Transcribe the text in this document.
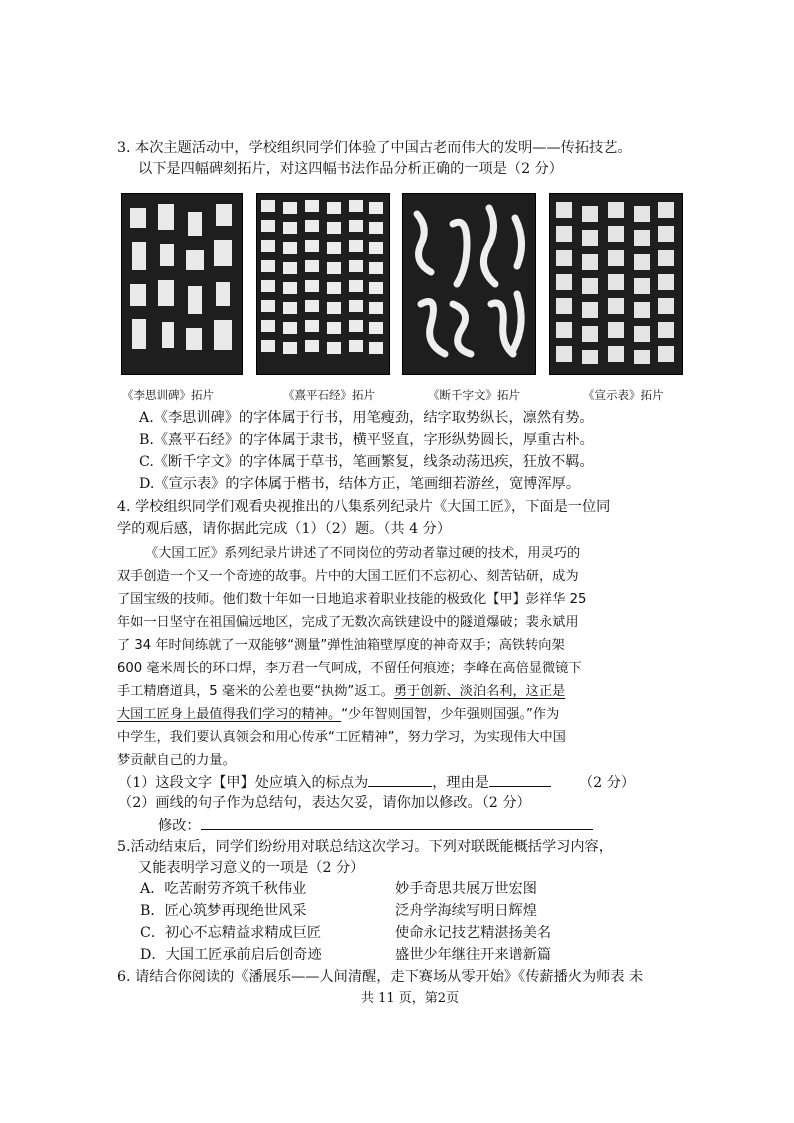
3. 本次主题活动中，学校组织同学们体验了中国古老而伟大的发明——传拓技艺。
以下是四幅碑刻拓片，对这四幅书法作品分析正确的一项是（2 分）
《李思训碑》拓片	《熹平石经》拓片	《断千字文》拓片	《宣示表》拓片
A.《李思训碑》的字体属于行书，用笔瘦劲，结字取势纵长，凛然有势。
B.《熹平石经》的字体属于隶书，横平竖直，字形纵势圆长，厚重古朴。
C.《断千字文》的字体属于草书，笔画繁复，线条动荡迅疾，狂放不羁。
D.《宣示表》的字体属于楷书，结体方正，笔画细若游丝，宽博浑厚。
4. 学校组织同学们观看央视推出的八集系列纪录片《大国工匠》，下面是一位同
学的观后感，请你据此完成（1）（2）题。（共 4 分）
《大国工匠》系列纪录片讲述了不同岗位的劳动者靠过硬的技术，用灵巧的
双手创造一个又一个奇迹的故事。片中的大国工匠们不忘初心、刻苦钻研，成为
了国宝级的技师。他们数十年如一日地追求着职业技能的极致化【甲】彭祥华 25
年如一日坚守在祖国偏远地区，完成了无数次高铁建设中的隧道爆破；裴永斌用
了 34 年时间练就了一双能够“测量”弹性油箱壁厚度的神奇双手；高铁转向架
600 毫米周长的环口焊，李万君一气呵成，不留任何痕迹；李峰在高倍显微镜下
手工精磨道具，5 毫米的公差也要“执拗”返工。勇于创新、淡泊名利，这正是
大国工匠身上最值得我们学习的精神。“少年智则国智，少年强则国强。”作为
中学生，我们要认真领会和用心传承“工匠精神”，努力学习，为实现伟大中国
梦贡献自己的力量。
（1）这段文字【甲】处应填入的标点为	，理由是	（2 分）
（2）画线的句子作为总结句，表达欠妥，请你加以修改。（2 分）
修改：
5.活动结束后，同学们纷纷用对联总结这次学习。下列对联既能概括学习内容，
又能表明学习意义的一项是（2 分）
A．吃苦耐劳齐筑千秋伟业	妙手奇思共展万世宏图
B．匠心筑梦再现绝世风采	泛舟学海续写明日辉煌
C．初心不忘精益求精成巨匠	使命永记技艺精湛扬美名
D．大国工匠承前启后创奇迹	盛世少年继往开来谱新篇
6. 请结合你阅读的《潘展乐——人间清醒，走下赛场从零开始》《传薪播火为师表 未
共 11 页，第2页
